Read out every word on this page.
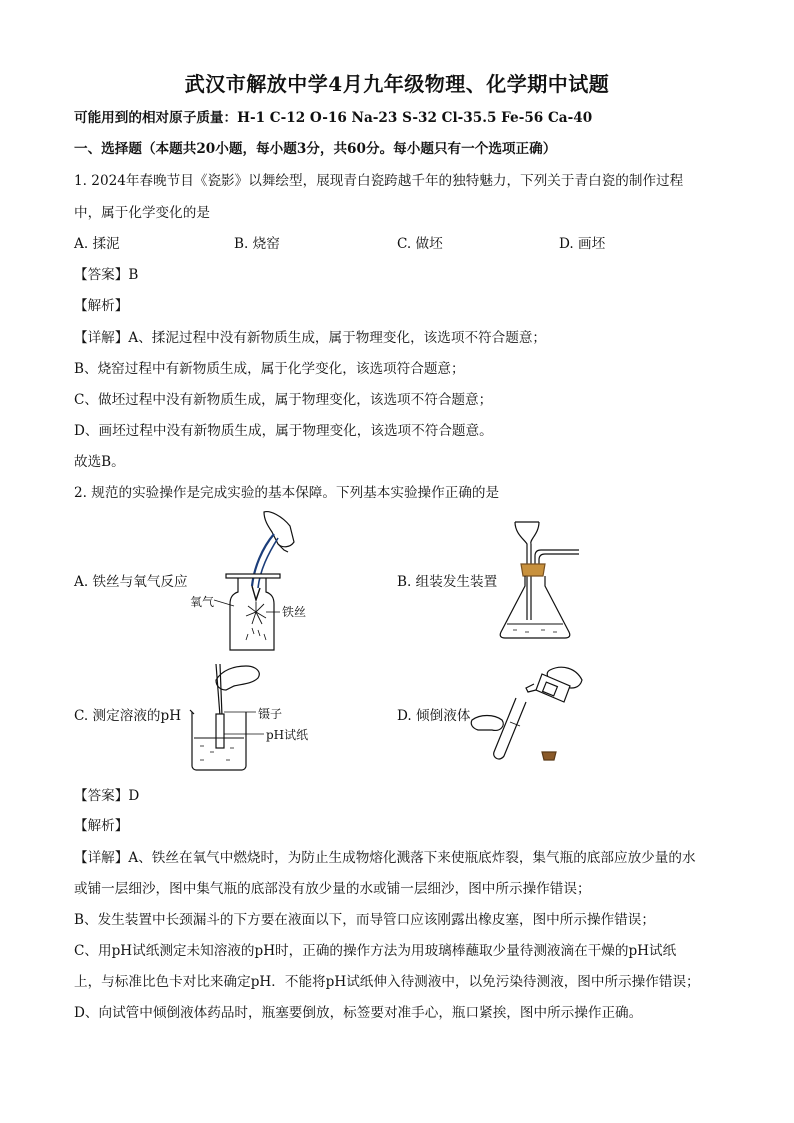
武汉市解放中学4月九年级物理、化学期中试题
可能用到的相对原子质量：H-1 C-12 O-16 Na-23 S-32 Cl-35.5 Fe-56 Ca-40
一、选择题（本题共20小题，每小题3分，共60分。每小题只有一个选项正确）
1. 2024年春晚节目《瓷影》以舞绘型，展现青白瓷跨越千年的独特魅力，下列关于青白瓷的制作过程
中，属于化学变化的是
A. 揉泥	B. 烧窑	C. 做坯	D. 画坯
【答案】B
【解析】
【详解】A、揉泥过程中没有新物质生成，属于物理变化，该选项不符合题意；
B、烧窑过程中有新物质生成，属于化学变化，该选项符合题意；
C、做坯过程中没有新物质生成，属于物理变化，该选项不符合题意；
D、画坯过程中没有新物质生成，属于物理变化，该选项不符合题意。
故选B。
2. 规范的实验操作是完成实验的基本保障。下列基本实验操作正确的是
A. 铁丝与氧气反应	B. 组装发生装置
C. 测定溶液的pH	D. 倾倒液体
氧气
铁丝
镊子
pH试纸
【答案】D
【解析】
【详解】A、铁丝在氧气中燃烧时，为防止生成物熔化溅落下来使瓶底炸裂，集气瓶的底部应放少量的水
或铺一层细沙，图中集气瓶的底部没有放少量的水或铺一层细沙，图中所示操作错误；
B、发生装置中长颈漏斗的下方要在液面以下，而导管口应该刚露出橡皮塞，图中所示操作错误；
C、用pH试纸测定未知溶液的pH时，正确的操作方法为用玻璃棒蘸取少量待测液滴在干燥的pH试纸
上，与标准比色卡对比来确定pH．不能将pH试纸伸入待测液中，以免污染待测液，图中所示操作错误；
D、向试管中倾倒液体药品时，瓶塞要倒放，标签要对准手心，瓶口紧挨，图中所示操作正确。
